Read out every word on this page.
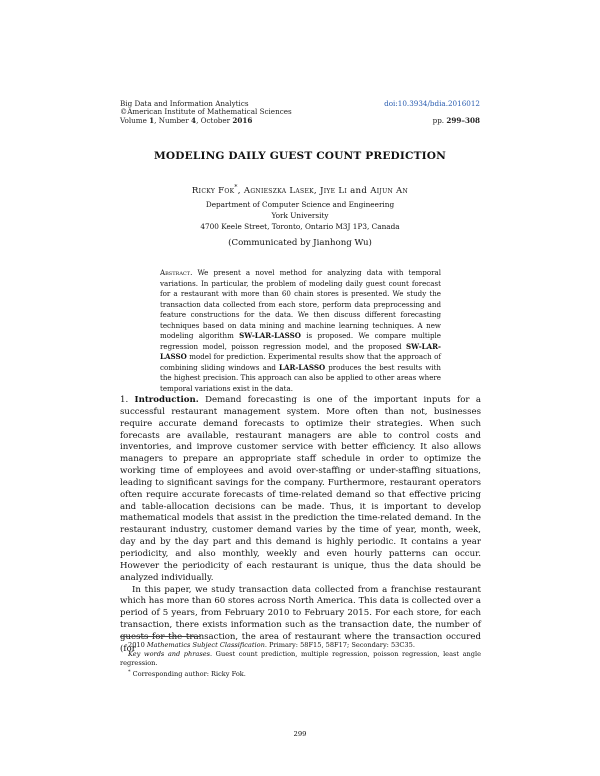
Big Data and Information Analytics
©American Institute of Mathematical Sciences
Volume 1, Number 4, October 2016
doi:10.3934/bdia.2016012

pp. 299–308
MODELING DAILY GUEST COUNT PREDICTION
Ricky Fok*, Agnieszka Lasek, Jiye Li and Aijun An
Department of Computer Science and Engineering
York University
4700 Keele Street, Toronto, Ontario M3J 1P3, Canada
(Communicated by Jianhong Wu)
Abstract. We present a novel method for analyzing data with temporal variations. In particular, the problem of modeling daily guest count forecast for a restaurant with more than 60 chain stores is presented. We study the transaction data collected from each store, perform data preprocessing and feature constructions for the data. We then discuss different forecasting techniques based on data mining and machine learning techniques. A new modeling algorithm SW-LAR-LASSO is proposed. We compare multiple regression model, poisson regression model, and the proposed SW-LAR-LASSO model for prediction. Experimental results show that the approach of combining sliding windows and LAR-LASSO produces the best results with the highest precision. This approach can also be applied to other areas where temporal variations exist in the data.

1. Introduction. Demand forecasting is one of the important inputs for a successful restaurant management system. More often than not, businesses require accurate demand forecasts to optimize their strategies. When such forecasts are available, restaurant managers are able to control costs and inventories, and improve customer service with better efficiency. It also allows managers to prepare an appropriate staff schedule in order to optimize the working time of employees and avoid over-staffing or under-staffing situations, leading to significant savings for the company. Furthermore, restaurant operators often require accurate forecasts of time-related demand so that effective pricing and table-allocation decisions can be made. Thus, it is important to develop mathematical models that assist in the prediction the time-related demand. In the restaurant industry, customer demand varies by the time of year, month, week, day and by the day part and this demand is highly periodic. It contains a year periodicity, and also monthly, weekly and even hourly patterns can occur. However the periodicity of each restaurant is unique, thus the data should be analyzed individually.

In this paper, we study transaction data collected from a franchise restaurant which has more than 60 stores across North America. This data is collected over a period of 5 years, from February 2010 to February 2015. For each store, for each transaction, there exists information such as the transaction date, the number of guests for the transaction, the area of restaurant where the transaction occured (for

2010 Mathematics Subject Classification. Primary: 58F15, 58F17; Secondary: 53C35.
Key words and phrases. Guest count prediction, multiple regression, poisson regression, least angle regression.
* Corresponding author: Ricky Fok.
299
